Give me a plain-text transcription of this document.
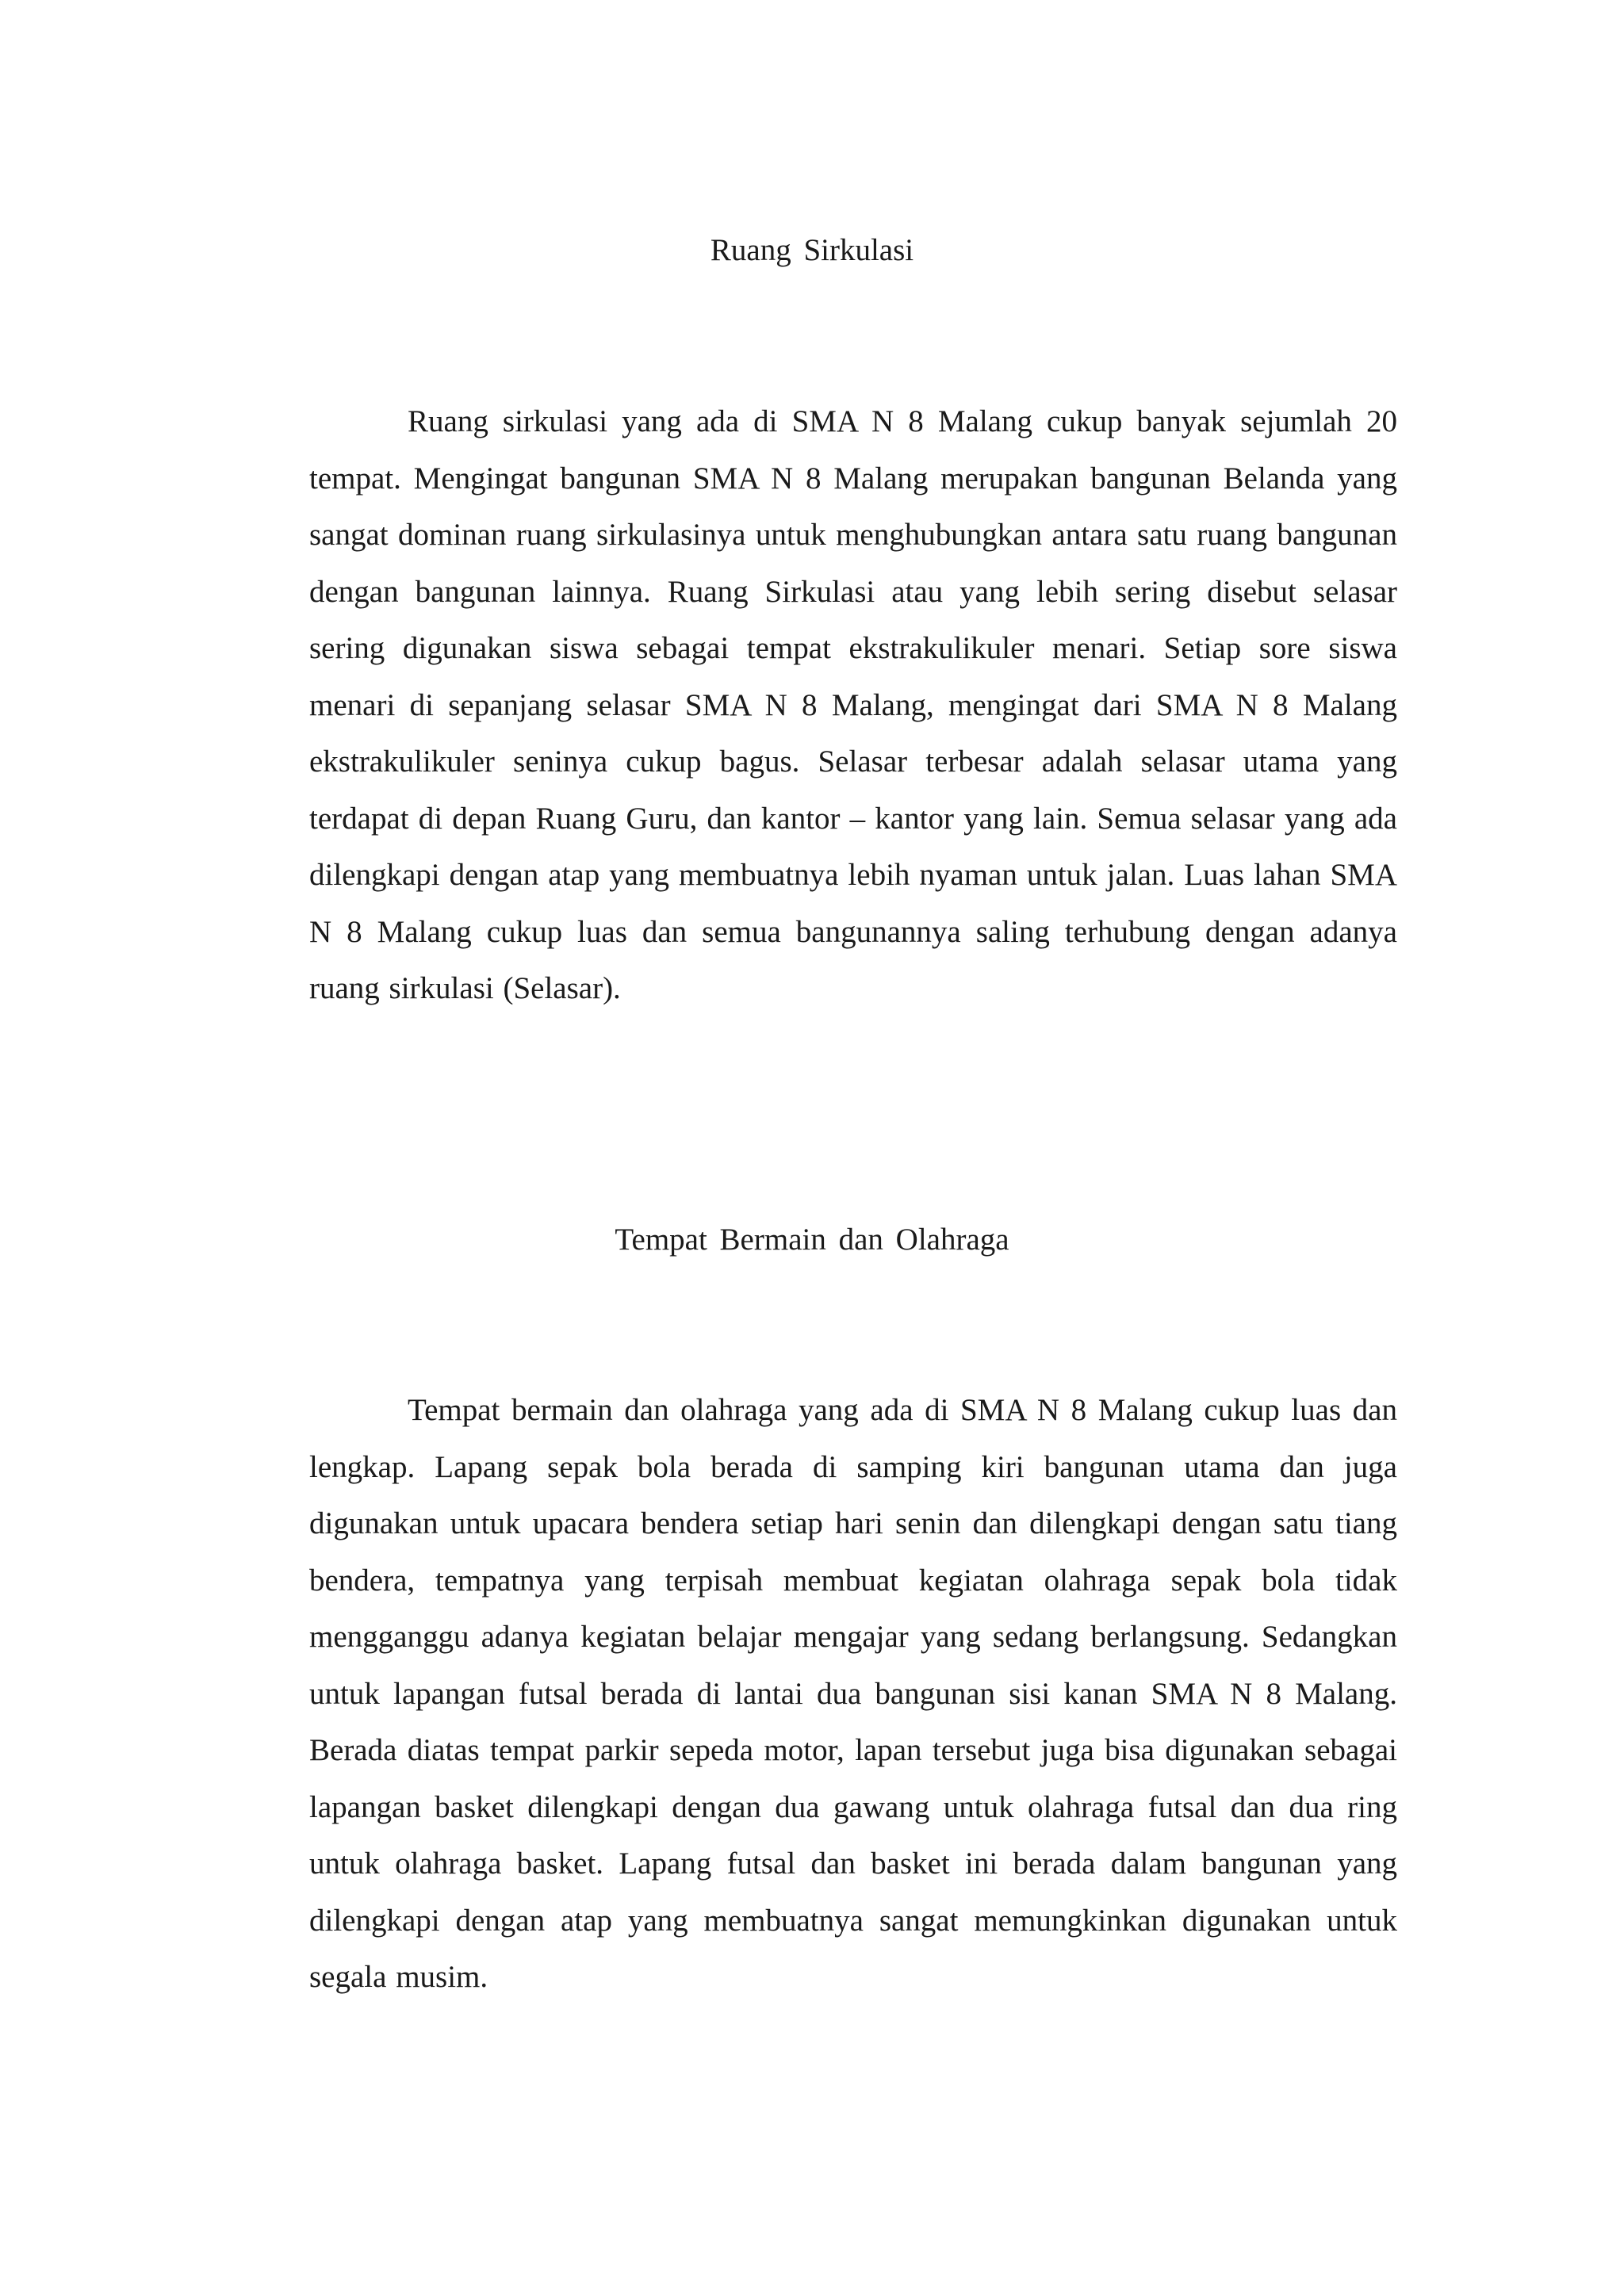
Ruang Sirkulasi

Ruang sirkulasi yang ada di SMA N 8 Malang cukup banyak sejumlah 20 tempat. Mengingat bangunan SMA N 8 Malang merupakan bangunan Belanda yang sangat dominan ruang sirkulasinya untuk menghubungkan antara satu ruang bangunan dengan bangunan lainnya. Ruang Sirkulasi atau yang lebih sering disebut selasar sering digunakan siswa sebagai tempat ekstrakulikuler menari. Setiap sore siswa menari di sepanjang selasar SMA N 8 Malang, mengingat dari SMA N 8 Malang ekstrakulikuler seninya cukup bagus. Selasar terbesar adalah selasar utama yang terdapat di depan Ruang Guru, dan kantor – kantor yang lain. Semua selasar yang ada dilengkapi dengan atap yang membuatnya lebih nyaman untuk jalan. Luas lahan SMA N 8 Malang cukup luas dan semua bangunannya saling terhubung dengan adanya ruang sirkulasi (Selasar).

Tempat Bermain dan Olahraga

Tempat bermain dan olahraga yang ada di SMA N 8 Malang cukup luas dan lengkap. Lapang sepak bola berada di samping kiri bangunan utama dan juga digunakan untuk upacara bendera setiap hari senin dan dilengkapi dengan satu tiang bendera, tempatnya yang terpisah membuat kegiatan olahraga sepak bola tidak mengganggu adanya kegiatan belajar mengajar yang sedang berlangsung. Sedangkan untuk lapangan futsal berada di lantai dua bangunan sisi kanan SMA N 8 Malang. Berada diatas tempat parkir sepeda motor, lapan tersebut juga bisa digunakan sebagai lapangan basket dilengkapi dengan dua gawang untuk olahraga futsal dan dua ring untuk olahraga basket. Lapang futsal dan basket ini berada dalam bangunan yang dilengkapi dengan atap yang membuatnya sangat memungkinkan digunakan untuk segala musim.
